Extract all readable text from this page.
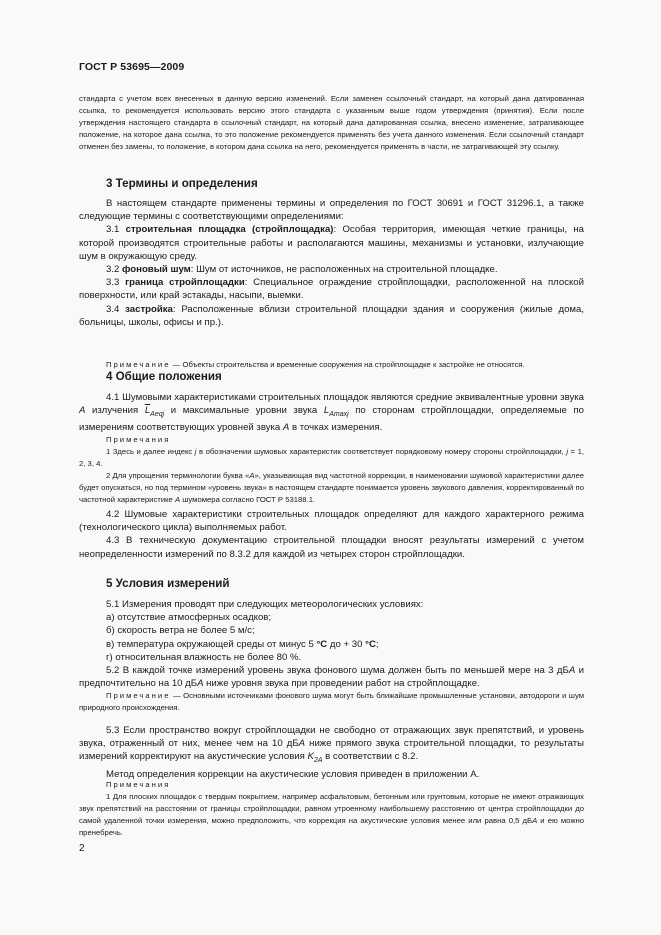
ГОСТ Р 53695—2009

стандарта с учетом всех внесенных в данную версию изменений. Если заменен ссылочный стандарт, на который дана датированная ссылка, то рекомендуется использовать версию этого стандарта с указанным выше годом утверждения (принятия). Если после утверждения настоящего стандарта в ссылочный стандарт, на который дана датированная ссылка, внесено изменение, затрагивающее положение, на которое дана ссылка, то это положение рекомендуется применять без учета данного изменения. Если ссылочный стандарт отменен без замены, то положение, в котором дана ссылка на него, рекомендуется применять в части, не затрагивающей эту ссылку.

3 Термины и определения

В настоящем стандарте применены термины и определения по ГОСТ 30691 и ГОСТ 31296.1, а также следующие термины с соответствующими определениями:

3.1 строительная площадка (стройплощадка): Особая территория, имеющая четкие границы, на которой производятся строительные работы и располагаются машины, механизмы и установки, излучающие шум в окружающую среду.

3.2 фоновый шум: Шум от источников, не расположенных на строительной площадке.

3.3 граница стройплощадки: Специальное ограждение стройплощадки, расположенной на плоской поверхности, или край эстакады, насыпи, выемки.

3.4 застройка: Расположенные вблизи строительной площадки здания и сооружения (жилые дома, больницы, школы, офисы и пр.).

Примечание — Объекты строительства и временные сооружения на стройплощадке к застройке не относятся.

4 Общие положения

4.1 Шумовыми характеристиками строительных площадок являются средние эквивалентные уровни звука A излучения $\overline{L}_{Aeqj}$ и максимальные уровни звука $L_{Amaxj}$ по сторонам стройплощадки, определяемые по измерениям соответствующих уровней звука A в точках измерения.

Примечания

1 Здесь и далее индекс j в обозначении шумовых характеристик соответствует порядковому номеру стороны стройплощадки, j = 1, 2, 3, 4.

2 Для упрощения терминологии буква «A», указывающая вид частотной коррекции, в наименовании шумовой характеристики далее будет опускаться, но под термином «уровень звука» в настоящем стандарте понимается уровень звукового давления, корректированный по частотной характеристике A шумомера согласно ГОСТ Р 53188.1.

4.2 Шумовые характеристики строительных площадок определяют для каждого характерного режима (технологического цикла) выполняемых работ.

4.3 В техническую документацию строительной площадки вносят результаты измерений с учетом неопределенности измерений по 8.3.2 для каждой из четырех сторон стройплощадки.

5 Условия измерений

5.1 Измерения проводят при следующих метеорологических условиях:

а) отсутствие атмосферных осадков;

б) скорость ветра не более 5 м/с;

в) температура окружающей среды от минус 5 °C до + 30 °C;

г) относительная влажность не более 80 %.

5.2 В каждой точке измерений уровень звука фонового шума должен быть по меньшей мере на 3 дБA и предпочтительно на 10 дБA ниже уровня звука при проведении работ на стройплощадке.

Примечание — Основными источниками фонового шума могут быть ближайшие промышленные установки, автодороги и шум природного происхождения.

5.3 Если пространство вокруг стройплощадки не свободно от отражающих звук препятствий, и уровень звука, отраженный от них, менее чем на 10 дБA ниже прямого звука строительной площадки, то результаты измерений корректируют на акустические условия $K_{2A}$ в соответствии с 8.2.

Метод определения коррекции на акустические условия приведен в приложении А.

Примечания

1 Для плоских площадок с твердым покрытием, например асфальтовым, бетонным или грунтовым, которые не имеют отражающих звук препятствий на расстоянии от границы стройплощадки, равном утроенному наибольшему расстоянию от центра стройплощадки до самой удаленной точки измерения, можно предположить, что коррекция на акустические условия менее или равна 0,5 дБA и ею можно пренебречь.

2
